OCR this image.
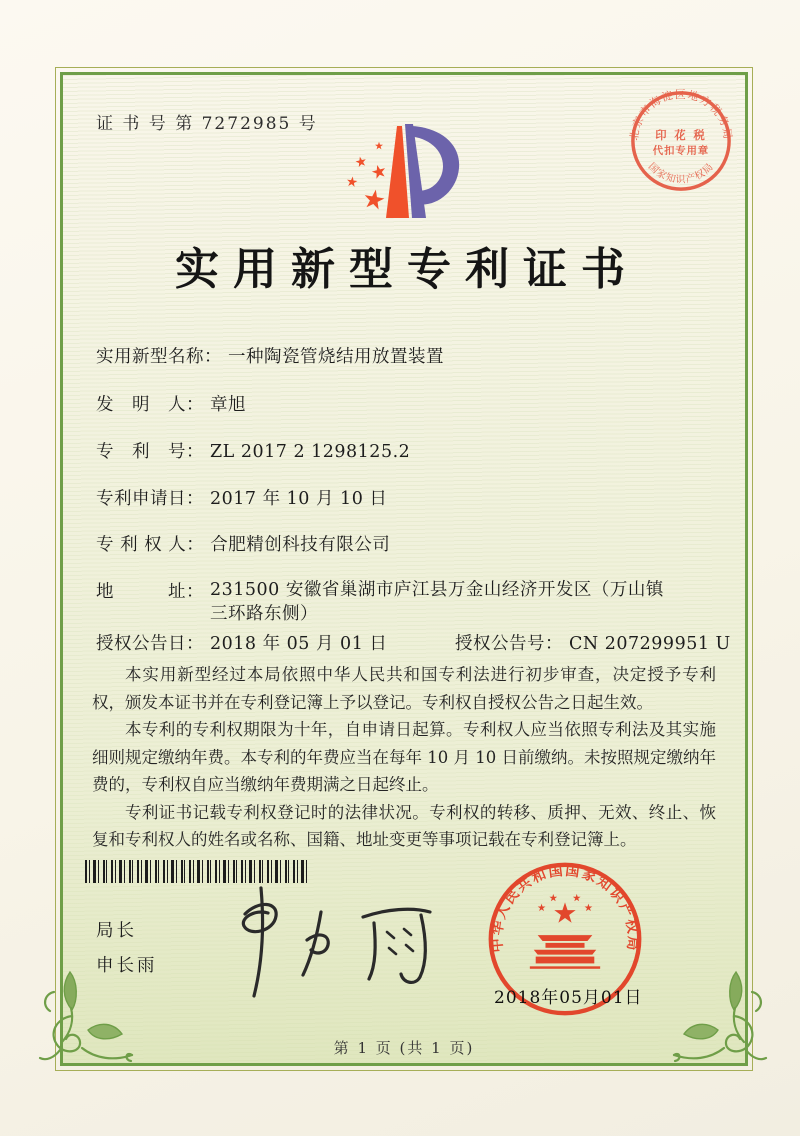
证 书 号 第 7272985 号
北京市海淀区地方税务局
国家知识产权局
印 花 税
代扣专用章
实用新型专利证书
实用新型名称： 一种陶瓷管烧结用放置装置
发　明　人： 章旭
专　利　号： ZL 2017 2 1298125.2
专利申请日： 2017 年 10 月 10 日
专 利 权 人： 合肥精创科技有限公司
地　　　址： 231500 安徽省巢湖市庐江县万金山经济开发区（万山镇
三环路东侧）
授权公告日： 2018 年 05 月 01 日	授权公告号： CN 207299951 U

本实用新型经过本局依照中华人民共和国专利法进行初步审查，决定授予专利权，颁发本证书并在专利登记簿上予以登记。专利权自授权公告之日起生效。

本专利的专利权期限为十年，自申请日起算。专利权人应当依照专利法及其实施细则规定缴纳年费。本专利的年费应当在每年 10 月 10 日前缴纳。未按照规定缴纳年费的，专利权自应当缴纳年费期满之日起终止。

专利证书记载专利权登记时的法律状况。专利权的转移、质押、无效、终止、恢复和专利权人的姓名或名称、国籍、地址变更等事项记载在专利登记簿上。

局长
申长雨
中华人民共和国国家知识产权局
2018年05月01日
第 1 页 (共 1 页)
